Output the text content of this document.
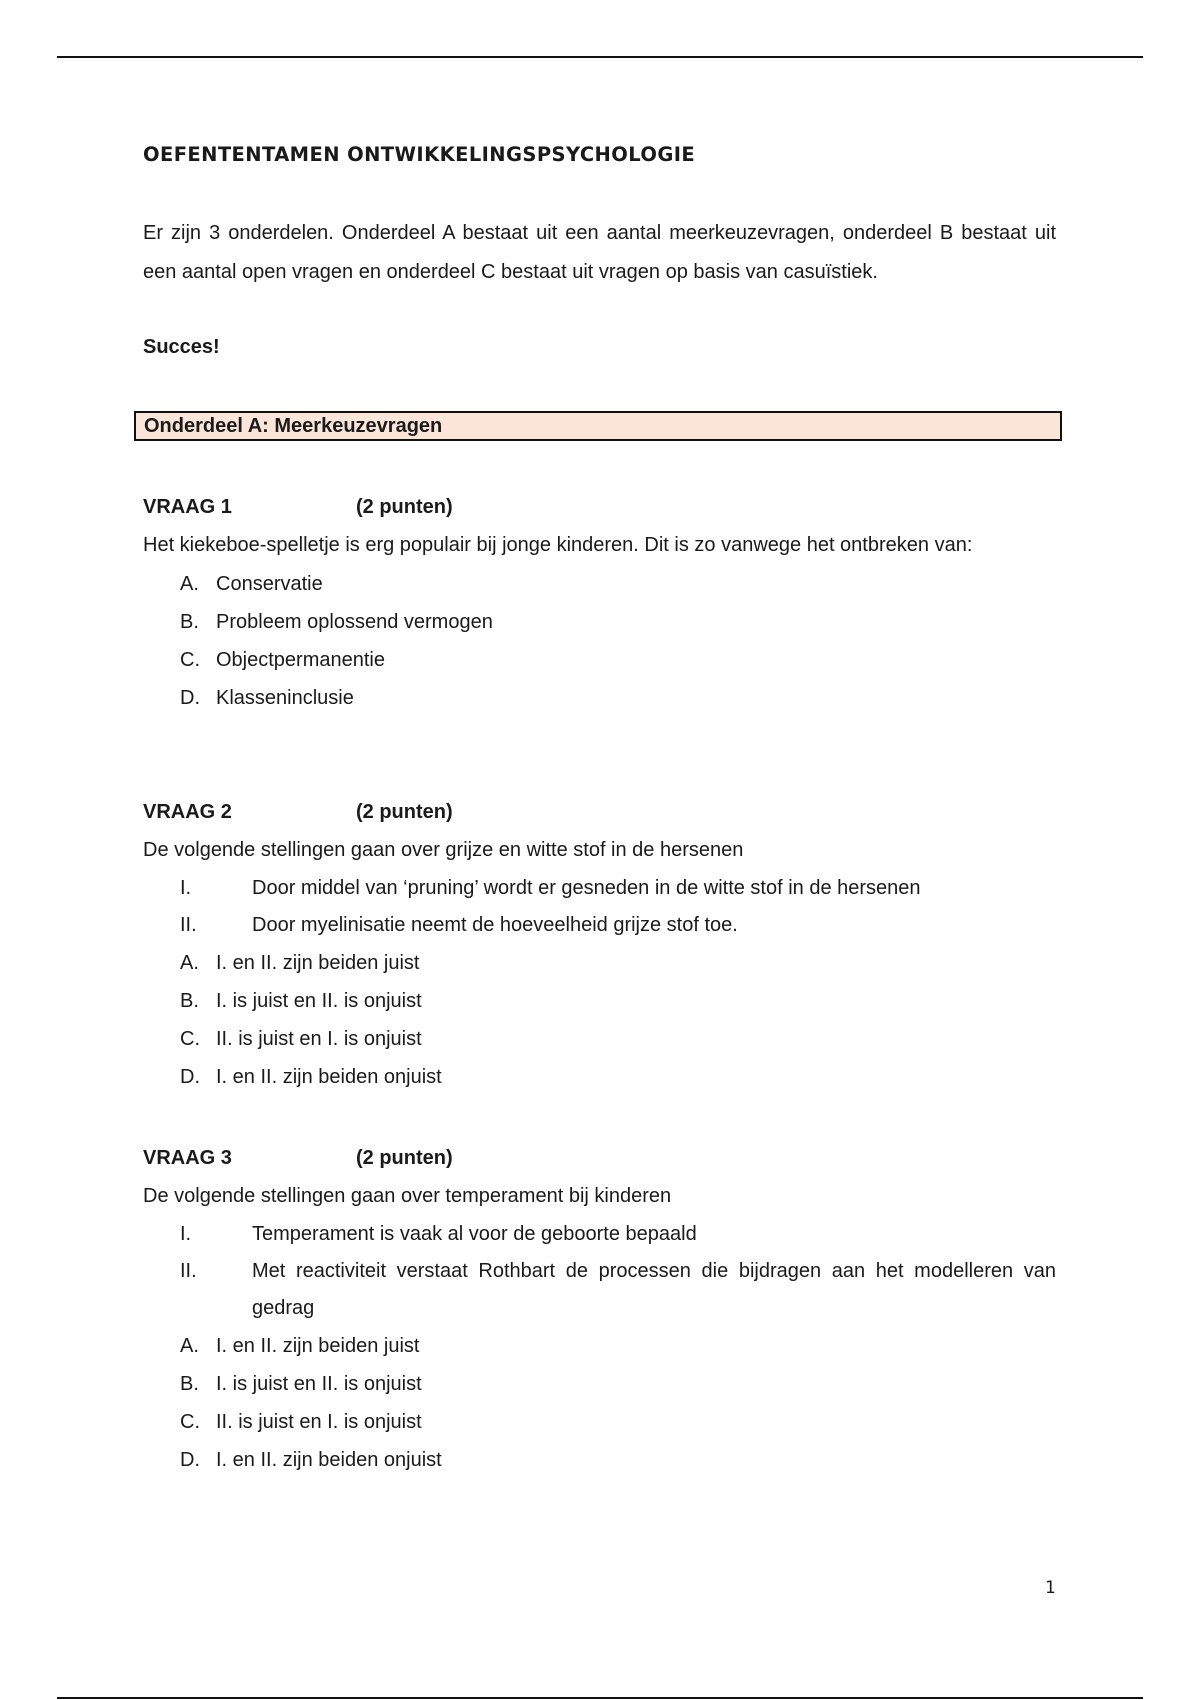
OEFENTENTAMEN ONTWIKKELINGSPSYCHOLOGIE

Er zijn 3 onderdelen. Onderdeel A bestaat uit een aantal meerkeuzevragen, onderdeel B bestaat uit een aantal open vragen en onderdeel C bestaat uit vragen op basis van casuïstiek.

Succes!
Onderdeel A: Meerkeuzevragen
VRAAG 1	(2 punten)
Het kiekeboe-spelletje is erg populair bij jonge kinderen. Dit is zo vanwege het ontbreken van:
A. Conservatie
B. Probleem oplossend vermogen
C. Objectpermanentie
D. Klasseninclusie
VRAAG 2	(2 punten)
De volgende stellingen gaan over grijze en witte stof in de hersenen
I.	Door middel van ‘pruning’ wordt er gesneden in de witte stof in de hersenen
II.	Door myelinisatie neemt de hoeveelheid grijze stof toe.
A. I. en II. zijn beiden juist
B. I. is juist en II. is onjuist
C. II. is juist en I. is onjuist
D. I. en II. zijn beiden onjuist
VRAAG 3	(2 punten)
De volgende stellingen gaan over temperament bij kinderen
I.	Temperament is vaak al voor de geboorte bepaald
II.	Met reactiviteit verstaat Rothbart de processen die bijdragen aan het modelleren van gedrag
A. I. en II. zijn beiden juist
B. I. is juist en II. is onjuist
C. II. is juist en I. is onjuist
D. I. en II. zijn beiden onjuist
1
